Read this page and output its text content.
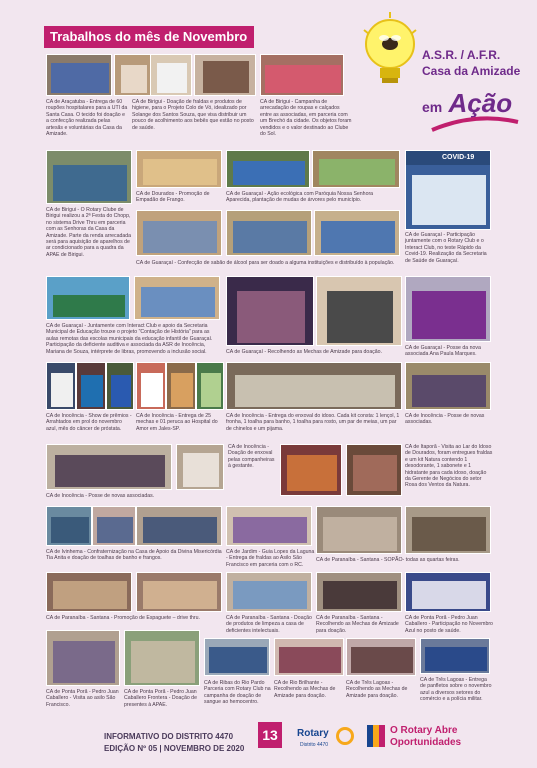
Trabalhos do mês de Novembro
A.S.R. / A.F.R.
Casa da Amizade
em Ação
CA de Araçatuba - Entrega de 60 roupões hospitalares para a UTI da Santa Casa. O tecido foi doação e a confecção realizada pelas artesãs e voluntárias da Casa da Amizade.
CA de Birigui - Doação de fraldas e produtos de higiene, para o Projeto Colo de Vó, idealizado por Solange dos Santos Souza, que visa distribuir um pouco de acolhimento aos bebês que estão no posto de saúde.
CA de Birigui - Campanha de arrecadação de roupas e calçados entre as associadas, em parceria com um Brechó da cidade. Os objetos foram vendidos e o valor destinado ao Clube do Sol.
COVID-19
CA de Birigui - O Rotary Clube de Birigui realizou a 2ª Festa do Chopp, no sistema Drive Thru em parceria com as Senhoras da Casa da Amizade. Parte da renda arrecadada será para aquisição de aparelhos de ar condicionado para a quadra da APAE de Birigui.
CA de Dourados - Promoção de Empadão de Frango.
CA de Guaraçaí - Ação ecológica com Paróquia Nossa Senhora Aparecida, plantação de mudas de árvores pelo município.
CA de Guaraçaí - Participação juntamente com o Rotary Club e o Interact Club, no teste Rápido da Covid-19. Realização da Secretaria de Saúde de Guaraçaí.
CA de Guaraçaí - Confecção de sabão de álcool para ser doado a alguma instituições e distribuído à população.
CA de Guaraçaí - Juntamente com Interact Club e apoio da Secretaria Municipal de Educação trouxe o projeto "Contação de História" para as aulas remotas das escolas municipais da educação infantil de Guaraçaí. Participação da deficiente auditiva e associada da ASR de Inocência, Mariana de Souza, intérprete de libras, promovendo a inclusão social.	CA de Guaraçaí - Recolhendo as Mechas de Amizade para doação.
CA de Guaraçaí - Posse da nova associada Ana Paula Marques.
CA de Inocência - Show de prêmios - Arrahtados em prol do novembro azul, mês do câncer de próstata.
CA de Inocência - Entrega de 25 mechas e 01 peruca ao Hospital do Amor em Jales-SP.
CA de Inocência - Entrega do enxoval do idoso. Cada kit consta: 1 lençol, 1 fronha, 1 toalha para banho, 1 toalha para rosto, um par de meias, um par de chinelos e um pijama.
CA de Inocência - Posse de novas associadas.
CA de Inocência - Doação de enxoval pelas companheiras à gestante.
CA de Itaporã - Visita ao Lar do Idoso de Dourados, foram entregues fraldas e um kit Natura contendo 1 desodorante, 1 sabonete e 1 hidratante para cada idoso, doação da Gerente de Negócios do setor Rosa dos Ventos da Natura.
CA de Inocência - Posse de novas associadas.
CA de Ivinhema - Confraternização na Casa de Apoio da Divina Misericórdia Tia Anita e doação de toalhas de banho e frangos.
CA de Jardim - Guia Lopes da Laguna - Entrega de fraldas ao Asilo São Francisco em parceria com o RC.
CA de Paranaíba - Santana - SOPÃO- todas as quartas feiras.
CA de Paranaíba - Santana - Promoção de Espaguete – drive thru.	CA de Paranaíba - Santana - Doação de produtos de limpeza a casa de deficientes intelectuais.
CA de Paranaíba - Santana - Recolhendo as Mechas de Amizade para doação.
CA de Ponta Porã - Pedro Juan Caballero - Participação no Novembro Azul no posto de saúde.
CA de Ponta Porã - Pedro Juan Caballero - Visita ao asilo São Francisco.
CA de Ponta Porã - Pedro Juan Caballero Frontera - Doação de presentes à APAE.
CA de Ribas do Rio Pardo Parceria com Rotary Club na campanha de doação de sangue ao hemocentro.
CA de Rio Brilhante - Recolhendo as Mechas de Amizade para doação.
CA de Três Lagoas - Recolhendo as Mechas de Amizade para doação.
CA de Três Lagoas - Entrega de panfletos sobre o novembro azul a diversos setores do comércio e a polícia militar.
INFORMATIVO DO DISTRITO 4470
EDIÇÃO Nº 05 | NOVEMBRO DE 2020
13	Rotary
Distrito 4470
O Rotary Abre
Oportunidades
